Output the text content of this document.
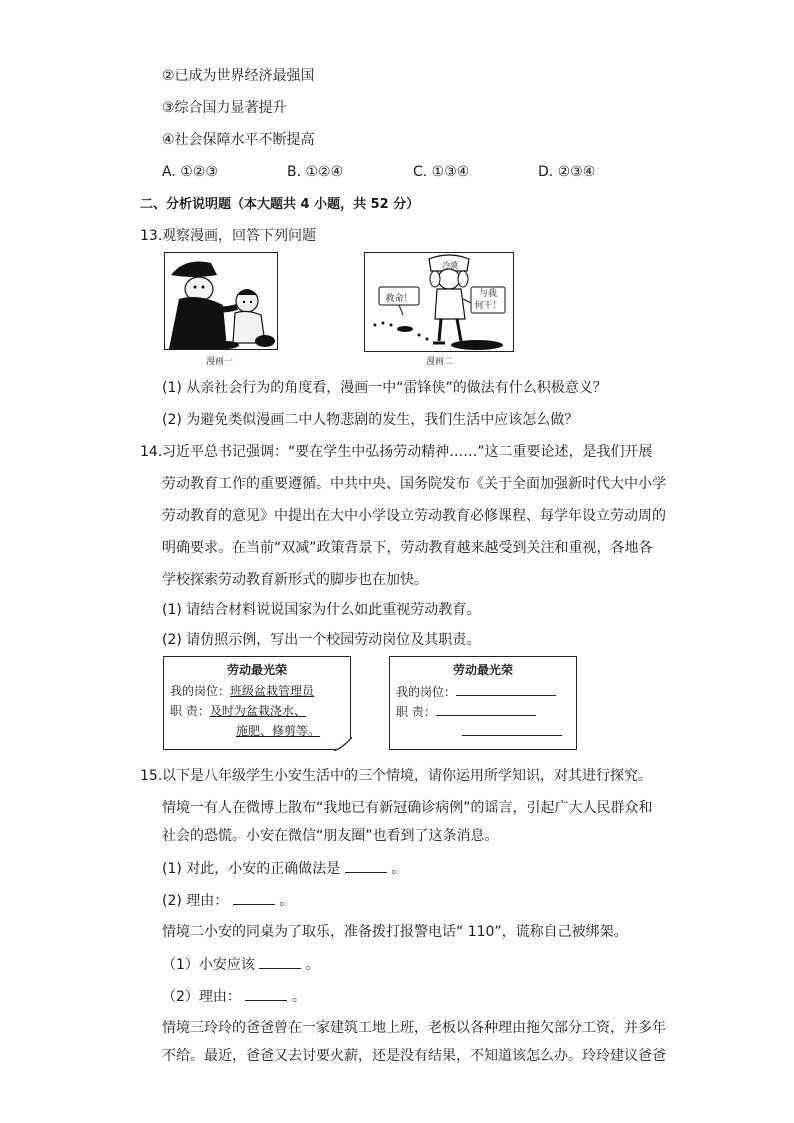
②已成为世界经济最强国
③综合国力显著提升
④社会保障水平不断提高
A. ①②③	B. ①②④	C. ①③④	D. ②③④
二、分析说明题（本大题共 4 小题，共 52 分）
13. 观察漫画，回答下列问题
漫画一
冷漠
救命！	与我
何干！
漫画二
(1) 从亲社会行为的角度看，漫画一中“雷锋侠”的做法有什么积极意义？
(2) 为避免类似漫画二中人物悲剧的发生，我们生活中应该怎么做？
14. 习近平总书记强调：“要在学生中弘扬劳动精神……”这二重要论述，是我们开展
劳动教育工作的重要遵循。中共中央、国务院发布《关于全面加强新时代大中小学
劳动教育的意见》中提出在大中小学设立劳动教育必修课程、每学年设立劳动周的
明确要求。在当前“双减”政策背景下，劳动教育越来越受到关注和重视，各地各
学校探索劳动教育新形式的脚步也在加快。
(1) 请结合材料说说国家为什么如此重视劳动教育。
(2) 请仿照示例，写出一个校园劳动岗位及其职责。
劳动最光荣
我的岗位：班级盆栽管理员
职 责：及时为盆栽浇水、
施肥、修剪等。
劳动最光荣
我的岗位：
职 责：
15. 以下是八年级学生小安生活中的三个情境，请你运用所学知识，对其进行探究。
情境一有人在微博上散布“我地已有新冠确诊病例”的谣言，引起广大人民群众和
社会的恐慌。小安在微信“朋友圈”也看到了这条消息。
(1) 对此，小安的正确做法是	。
(2) 理由：	。
情境二小安的同桌为了取乐，准备拨打报警电话“ 110”，谎称自己被绑架。
（1）小安应该	。
（2）理由：	。
情境三玲玲的爸爸曾在一家建筑工地上班，老板以各种理由拖欠部分工资，并多年
不给。最近，爸爸又去讨要火薪，还是没有结果，不知道该怎么办。玲玲建议爸爸
